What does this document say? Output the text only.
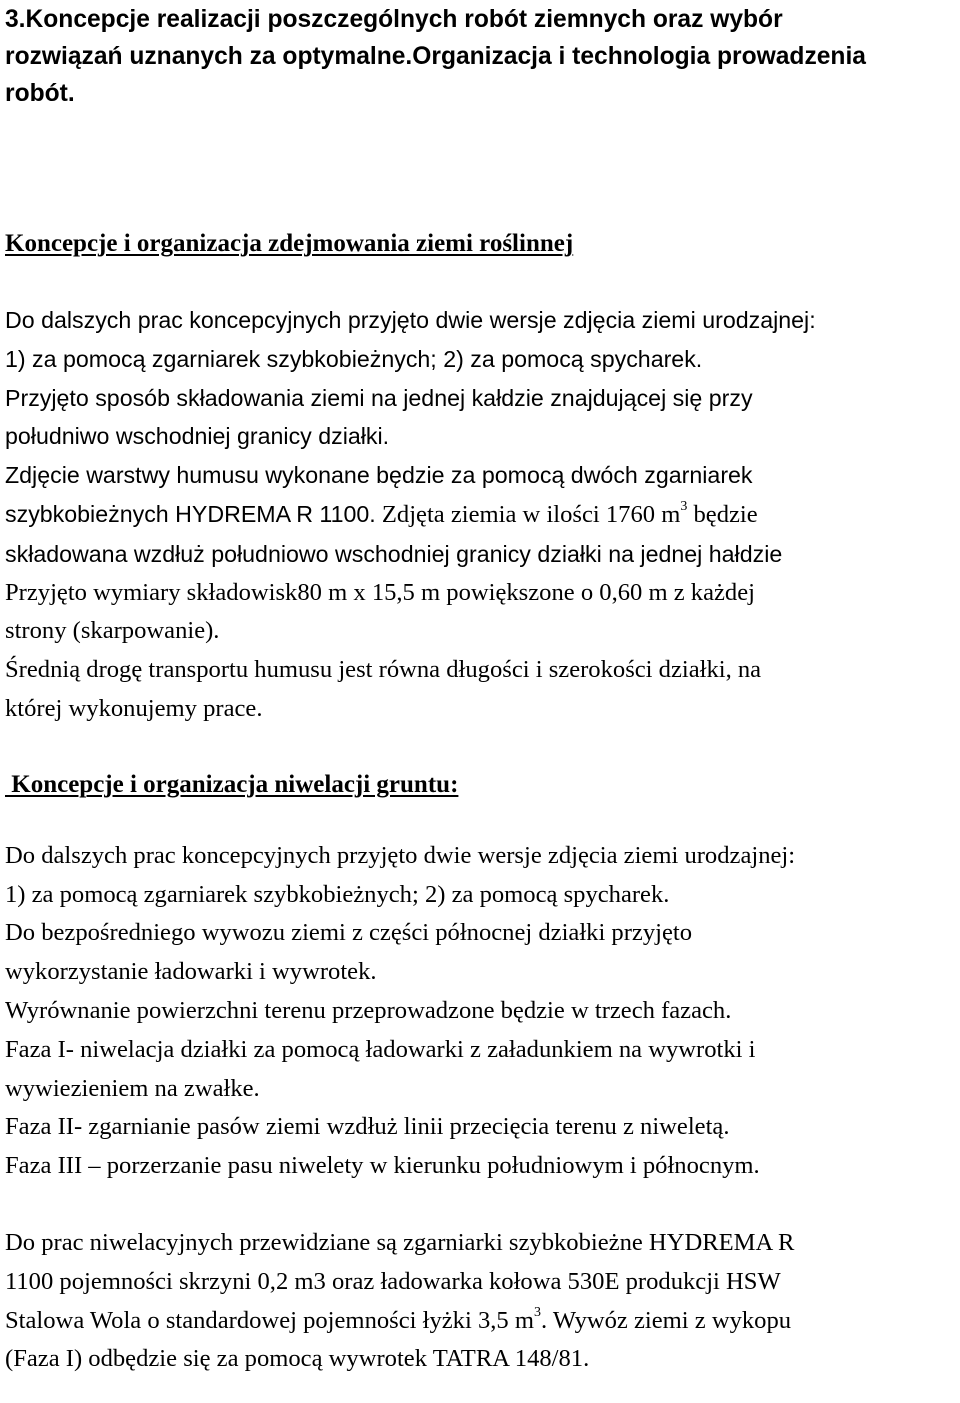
3.Koncepcje realizacji poszczególnych robót ziemnych oraz wybór
rozwiązań uznanych za optymalne.Organizacja i technologia prowadzenia
robót.
Koncepcje i organizacja zdejmowania ziemi roślinnej

Do dalszych prac koncepcyjnych przyjęto dwie wersje zdjęcia ziemi urodzajnej:
1) za pomocą zgarniarek szybkobieżnych; 2) za pomocą spycharek.
Przyjęto sposób składowania ziemi na jednej kałdzie znajdującej się przy
południwo wschodniej granicy działki.
Zdjęcie warstwy humusu wykonane będzie za pomocą dwóch zgarniarek
szybkobieżnych HYDREMA R 1100. Zdjęta ziemia w ilości 1760 $m^3$ będzie
składowana wzdłuż południowo wschodniej granicy działki na jednej hałdzie
Przyjęto wymiary składowisk80 m x 15,5 m powiększone o 0,60 m z każdej
strony (skarpowanie).
Średnią drogę transportu humusu jest równa długości i szerokości działki, na
której wykonujemy prace.

Koncepcje i organizacja niwelacji gruntu:

Do dalszych prac koncepcyjnych przyjęto dwie wersje zdjęcia ziemi urodzajnej:
1) za pomocą zgarniarek szybkobieżnych; 2) za pomocą spycharek.
Do bezpośredniego wywozu ziemi z części północnej działki przyjęto
wykorzystanie ładowarki i wywrotek.
Wyrównanie powierzchni terenu przeprowadzone będzie w trzech fazach.
Faza I- niwelacja działki za pomocą ładowarki z załadunkiem na wywrotki i
wywiezieniem na zwałke.
Faza II- zgarnianie pasów ziemi wzdłuż linii przecięcia terenu z niweletą.
Faza III – porzerzanie pasu niwelety w kierunku południowym i północnym.

Do prac niwelacyjnych przewidziane są zgarniarki szybkobieżne HYDREMA R
1100 pojemności skrzyni 0,2 m3 oraz ładowarka kołowa 530E produkcji HSW
Stalowa Wola o standardowej pojemności łyżki 3,5 $m^3$. Wywóz ziemi z wykopu
(Faza I) odbędzie się za pomocą wywrotek TATRA 148/81.
